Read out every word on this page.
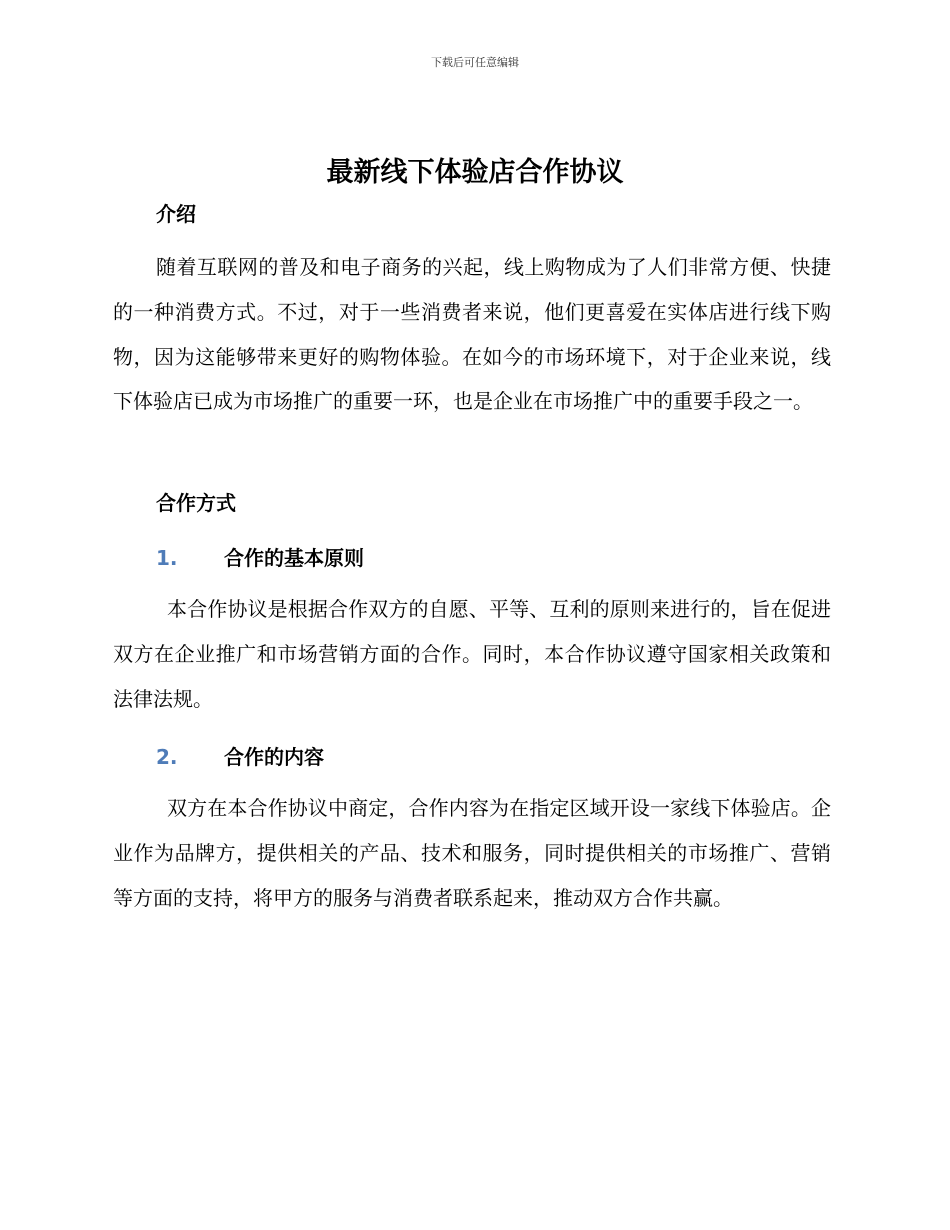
下载后可任意编辑
最新线下体验店合作协议
介绍

随着互联网的普及和电子商务的兴起，线上购物成为了人们非常方便、快捷的一种消费方式。不过，对于一些消费者来说，他们更喜爱在实体店进行线下购物，因为这能够带来更好的购物体验。在如今的市场环境下，对于企业来说，线下体验店已成为市场推广的重要一环，也是企业在市场推广中的重要手段之一。

合作方式
1.	合作的基本原则

本合作协议是根据合作双方的自愿、平等、互利的原则来进行的，旨在促进双方在企业推广和市场营销方面的合作。同时，本合作协议遵守国家相关政策和法律法规。

2.	合作的内容

双方在本合作协议中商定，合作内容为在指定区域开设一家线下体验店。企业作为品牌方，提供相关的产品、技术和服务，同时提供相关的市场推广、营销等方面的支持，将甲方的服务与消费者联系起来，推动双方合作共赢。
